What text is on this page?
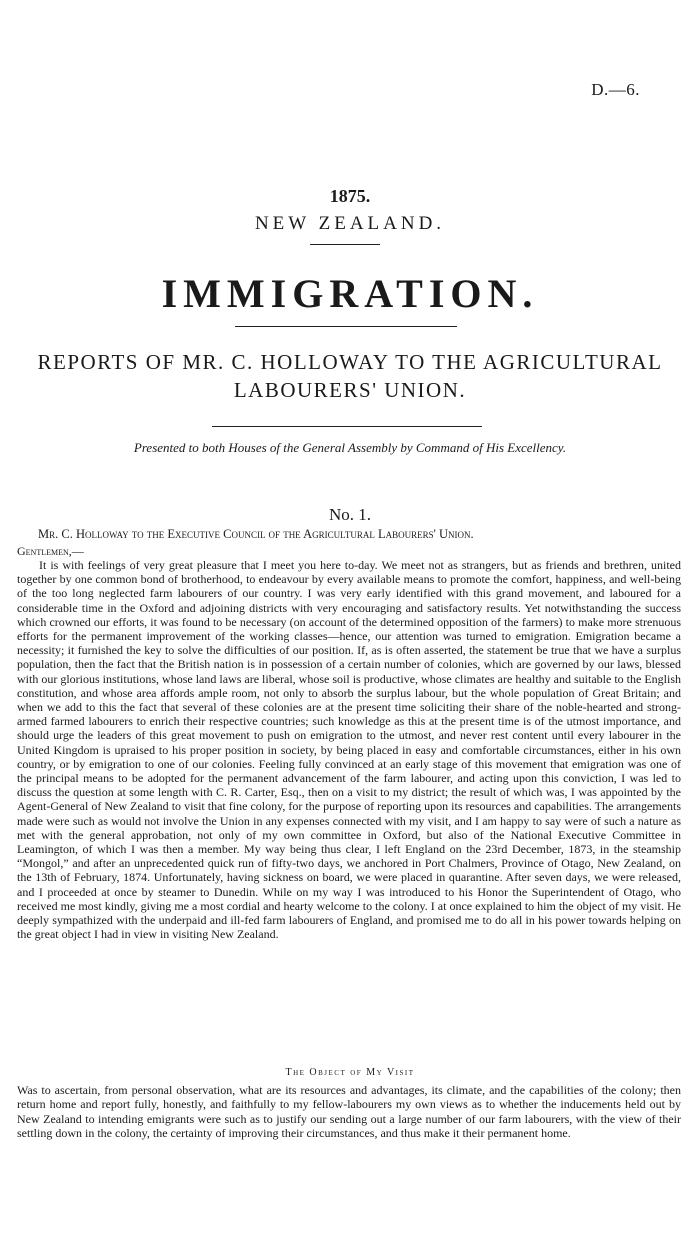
D.—6.
1875.
NEW ZEALAND.
IMMIGRATION.
REPORTS OF MR. C. HOLLOWAY TO THE AGRICULTURAL
LABOURERS' UNION.
Presented to both Houses of the General Assembly by Command of His Excellency.
No. 1.
Mr. C. Holloway to the Executive Council of the Agricultural Labourers' Union.
Gentlemen,—

It is with feelings of very great pleasure that I meet you here to-day. We meet not as strangers, but as friends and brethren, united together by one common bond of brotherhood, to endeavour by every available means to promote the comfort, happiness, and well-being of the too long neglected farm labourers of our country. I was very early identified with this grand movement, and laboured for a considerable time in the Oxford and adjoining districts with very encouraging and satisfactory results. Yet notwithstanding the success which crowned our efforts, it was found to be necessary (on account of the determined opposition of the farmers) to make more strenuous efforts for the permanent improvement of the working classes—hence, our attention was turned to emigration. Emigration became a necessity; it furnished the key to solve the difficulties of our position. If, as is often asserted, the statement be true that we have a surplus population, then the fact that the British nation is in possession of a certain number of colonies, which are governed by our laws, blessed with our glorious institutions, whose land laws are liberal, whose soil is productive, whose climates are healthy and suitable to the English constitution, and whose area affords ample room, not only to absorb the surplus labour, but the whole population of Great Britain; and when we add to this the fact that several of these colonies are at the present time soliciting their share of the noble-hearted and strong-armed farmed labourers to enrich their respective countries; such knowledge as this at the present time is of the utmost importance, and should urge the leaders of this great movement to push on emigration to the utmost, and never rest content until every labourer in the United Kingdom is upraised to his proper position in society, by being placed in easy and comfortable circumstances, either in his own country, or by emigration to one of our colonies. Feeling fully convinced at an early stage of this movement that emigration was one of the principal means to be adopted for the permanent advancement of the farm labourer, and acting upon this conviction, I was led to discuss the question at some length with C. R. Carter, Esq., then on a visit to my district; the result of which was, I was appointed by the Agent-General of New Zealand to visit that fine colony, for the purpose of reporting upon its resources and capabilities. The arrangements made were such as would not involve the Union in any expenses connected with my visit, and I am happy to say were of such a nature as met with the general approbation, not only of my own committee in Oxford, but also of the National Executive Committee in Leamington, of which I was then a member. My way being thus clear, I left England on the 23rd December, 1873, in the steamship “Mongol,” and after an unprecedented quick run of fifty-two days, we anchored in Port Chalmers, Province of Otago, New Zealand, on the 13th of February, 1874. Unfortunately, having sickness on board, we were placed in quarantine. After seven days, we were released, and I proceeded at once by steamer to Dunedin. While on my way I was introduced to his Honor the Superintendent of Otago, who received me most kindly, giving me a most cordial and hearty welcome to the colony. I at once explained to him the object of my visit. He deeply sympathized with the underpaid and ill-fed farm labourers of England, and promised me to do all in his power towards helping on the great object I had in view in visiting New Zealand.

The Object of My Visit

Was to ascertain, from personal observation, what are its resources and advantages, its climate, and the capabilities of the colony; then return home and report fully, honestly, and faithfully to my fellow-labourers my own views as to whether the inducements held out by New Zealand to intending emigrants were such as to justify our sending out a large number of our farm labourers, with the view of their settling down in the colony, the certainty of improving their circumstances, and thus make it their permanent home.
